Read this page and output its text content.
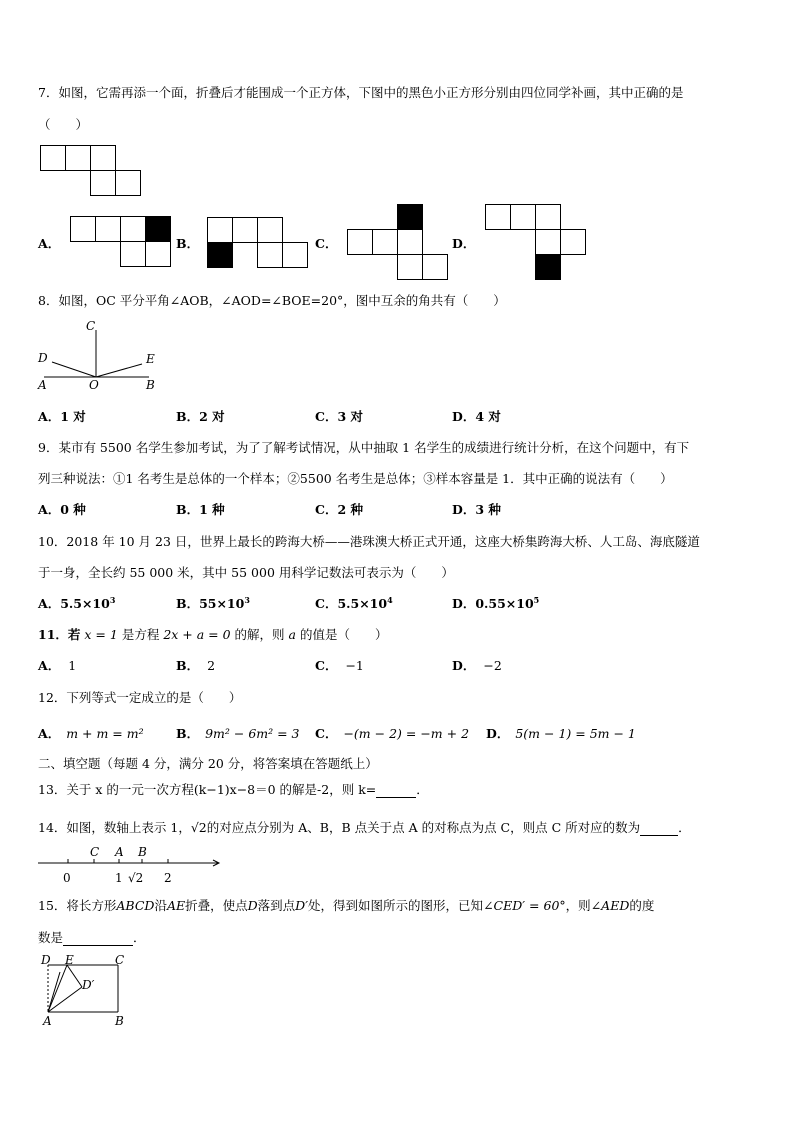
7．如图，它需再添一个面，折叠后才能围成一个正方体，下图中的黑色小正方形分别由四位同学补画，其中正确的是
（　　）
A．	B．	C．	D．
8．如图，OC 平分平角∠AOB，∠AOD=∠BOE=20°，图中互余的角共有（　　）
C
D	E
A	O	B
A．1 对	B．2 对	C．3 对	D．4 对
9．某市有 5500 名学生参加考试，为了了解考试情况，从中抽取 1 名学生的成绩进行统计分析，在这个问题中，有下
列三种说法：①1 名考生是总体的一个样本；②5500 名考生是总体；③样本容量是 1．其中正确的说法有（　　）
A．0 种	B．1 种	C．2 种	D．3 种
10．2018 年 10 月 23 日，世界上最长的跨海大桥——港珠澳大桥正式开通，这座大桥集跨海大桥、人工岛、海底隧道
于一身，全长约 55 000 米，其中 55 000 用科学记数法可表示为（　　）
A．$5.5\times 10^3$	B．$55\times 10^3$	C．$5.5\times 10^4$	D．$0.55\times 10^5$
11．若 x = 1 是方程 2x + a = 0 的解，则 a 的值是（　　）
A． 1	B． 2	C． −1	D． −2
12．下列等式一定成立的是（　　）
A． m + m = m²	B． 9m² − 6m² = 3 C． −(m − 2) = −m + 2 D． 5(m − 1) = 5m − 1
二、填空题（每题 4 分，满分 20 分，将答案填在答题纸上）
13．关于 x 的一元一次方程(k−1)x−8＝0 的解是-2，则 k=	．
14．如图，数轴上表示 1，√2的对应点分别为 A、B，B 点关于点 A 的对称点为点 C，则点 C 所对应的数为	．
C A B
0	1 √2 2
15．将长方形ABCD沿AE折叠，使点D落到点D′处，得到如图所示的图形，已知∠CED′ = 60°，则∠AED的度
数是	．
D E	C
D′
A	B
